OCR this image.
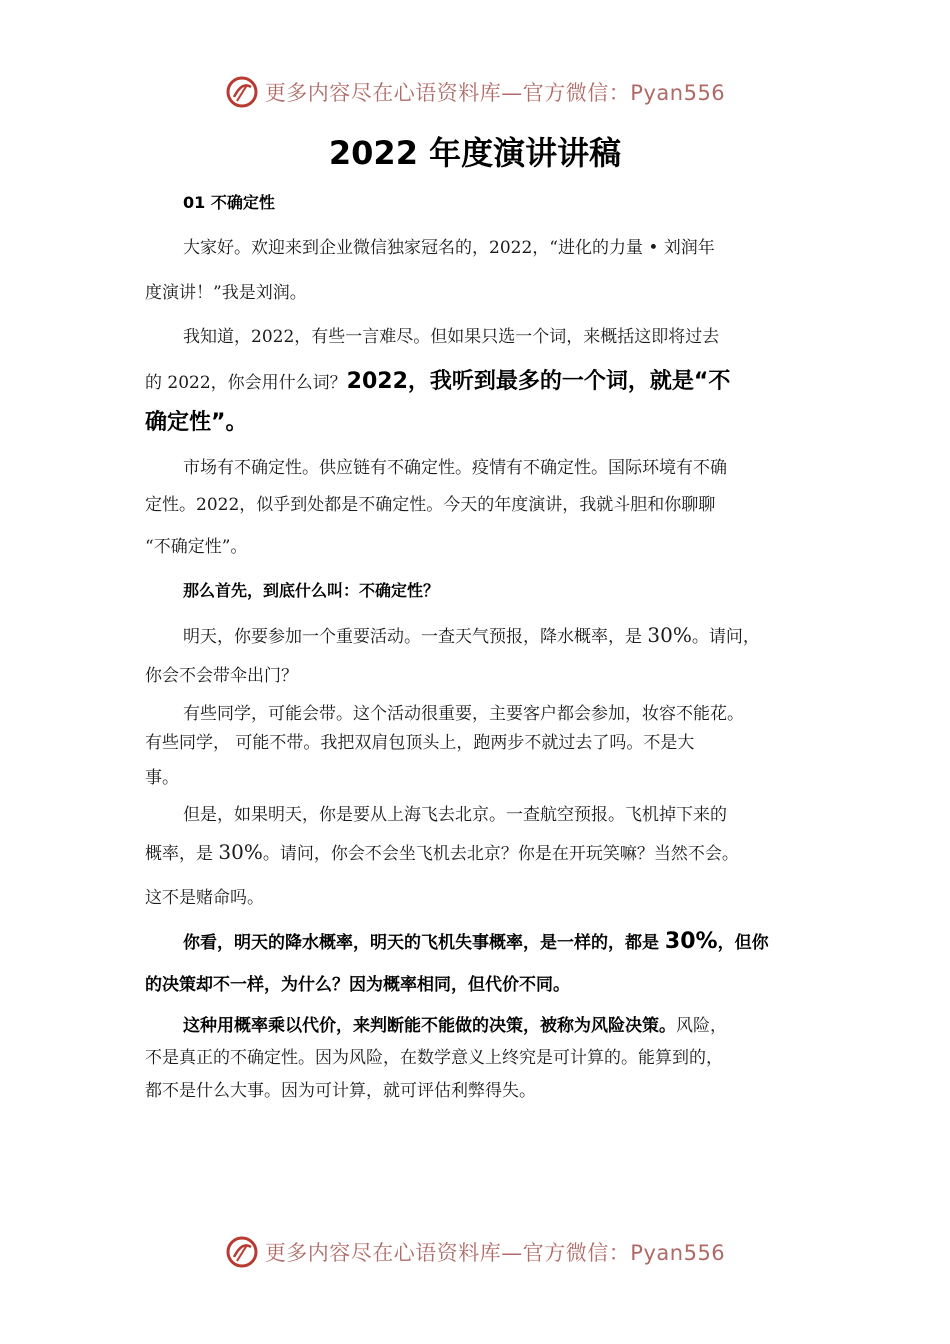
更多内容尽在心语资料库—官方微信：Pyan556
2022 年度演讲讲稿
01 不确定性
大家好。欢迎来到企业微信独家冠名的，2022，“进化的力量 • 刘润年
度演讲！”我是刘润。
我知道，2022，有些一言难尽。但如果只选一个词，来概括这即将过去
的 2022，你会用什么词？2022，我听到最多的一个词，就是“不
确定性”。
市场有不确定性。供应链有不确定性。疫情有不确定性。国际环境有不确
定性。2022，似乎到处都是不确定性。今天的年度演讲，我就斗胆和你聊聊
“不确定性”。
那么首先，到底什么叫：不确定性？
明天，你要参加一个重要活动。一查天气预报，降水概率，是 30%。请问，
你会不会带伞出门？
有些同学，可能会带。这个活动很重要，主要客户都会参加，妆容不能花。
有些同学， 可能不带。我把双肩包顶头上，跑两步不就过去了吗。不是大
事。
但是，如果明天，你是要从上海飞去北京。一查航空预报。飞机掉下来的
概率，是 30%。请问，你会不会坐飞机去北京？你是在开玩笑嘛？当然不会。
这不是赌命吗。
你看，明天的降水概率，明天的飞机失事概率，是一样的，都是 30%，但你
的决策却不一样，为什么？因为概率相同，但代价不同。
这种用概率乘以代价，来判断能不能做的决策，被称为风险决策。风险，
不是真正的不确定性。因为风险，在数学意义上终究是可计算的。能算到的，
都不是什么大事。因为可计算，就可评估利弊得失。
更多内容尽在心语资料库—官方微信：Pyan556
